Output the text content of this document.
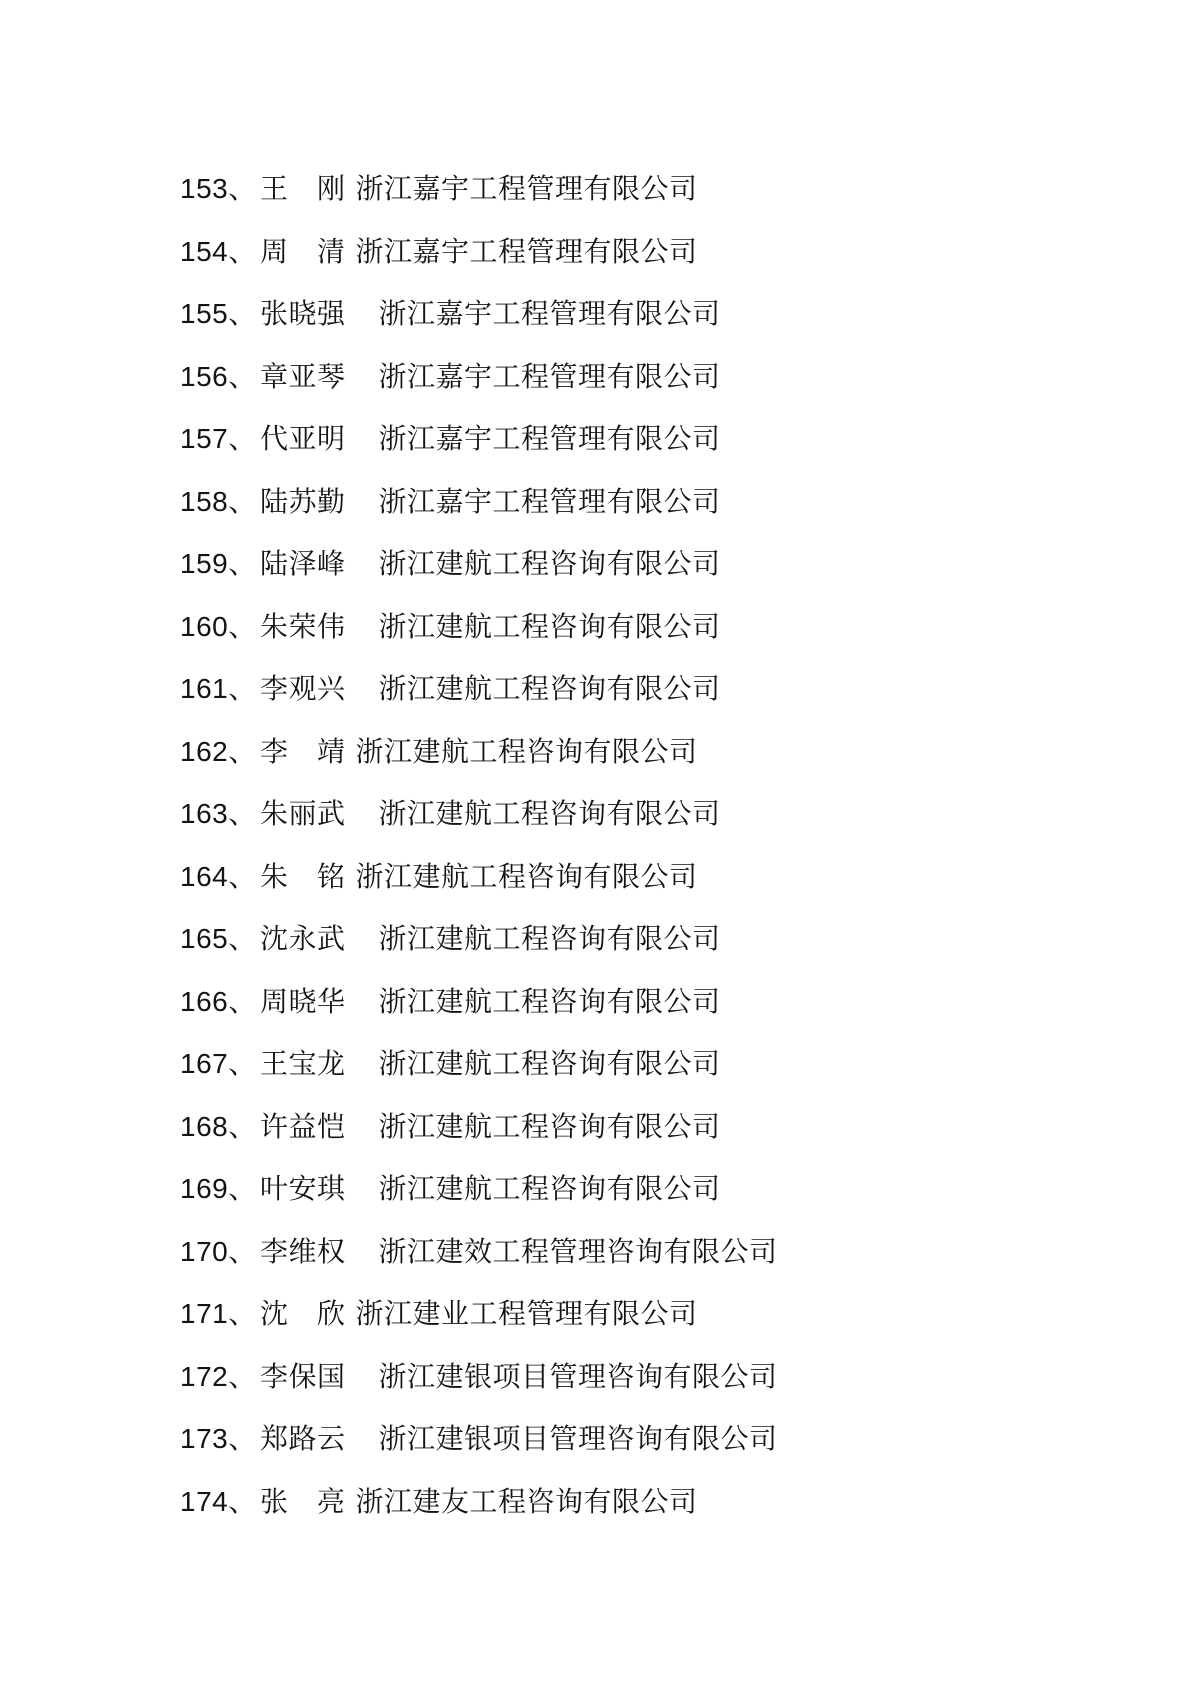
153、 王　刚 浙江嘉宇工程管理有限公司
154、 周　清 浙江嘉宇工程管理有限公司
155、 张晓强 浙江嘉宇工程管理有限公司
156、 章亚琴 浙江嘉宇工程管理有限公司
157、 代亚明 浙江嘉宇工程管理有限公司
158、 陆苏勤 浙江嘉宇工程管理有限公司
159、 陆泽峰 浙江建航工程咨询有限公司
160、 朱荣伟 浙江建航工程咨询有限公司
161、 李观兴 浙江建航工程咨询有限公司
162、 李　靖 浙江建航工程咨询有限公司
163、 朱丽武 浙江建航工程咨询有限公司
164、 朱　铭 浙江建航工程咨询有限公司
165、 沈永武 浙江建航工程咨询有限公司
166、 周晓华 浙江建航工程咨询有限公司
167、 王宝龙 浙江建航工程咨询有限公司
168、 许益恺 浙江建航工程咨询有限公司
169、 叶安琪 浙江建航工程咨询有限公司
170、 李维权 浙江建效工程管理咨询有限公司
171、 沈　欣 浙江建业工程管理有限公司
172、 李保国 浙江建银项目管理咨询有限公司
173、 郑路云 浙江建银项目管理咨询有限公司
174、 张　亮 浙江建友工程咨询有限公司
